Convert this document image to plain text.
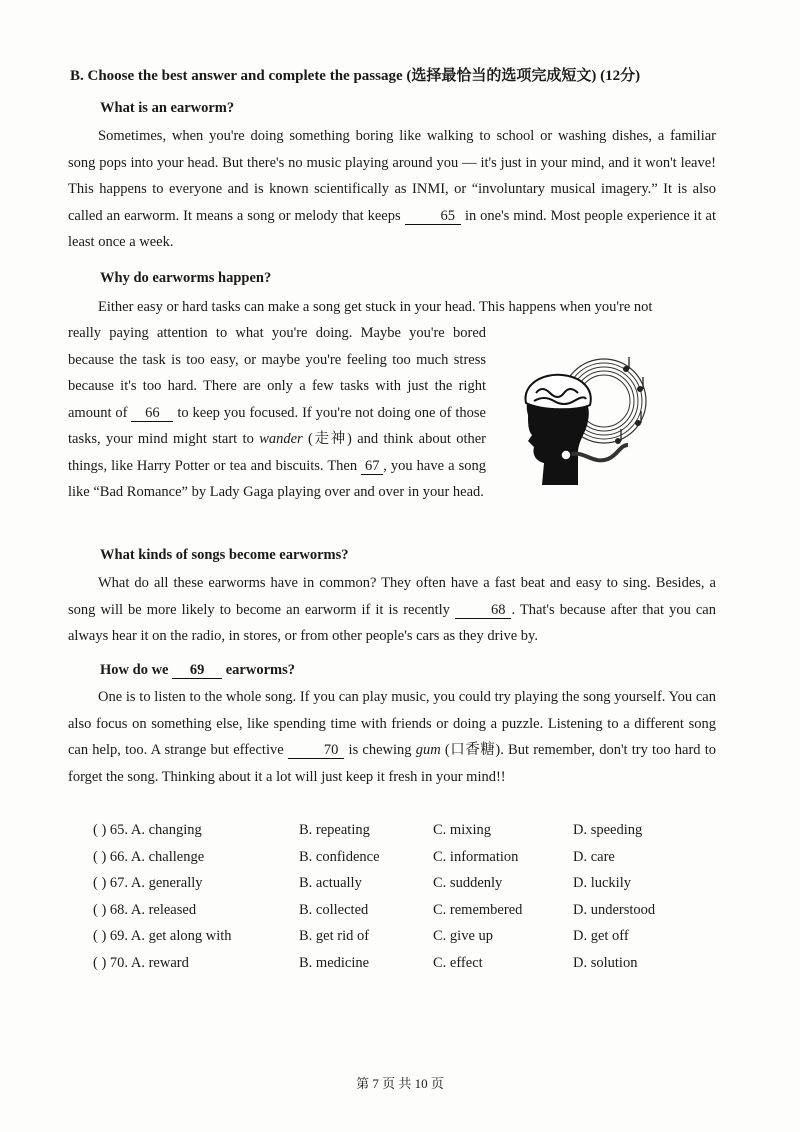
B. Choose the best answer and complete the passage (选择最恰当的选项完成短文) (12分)
What is an earworm?

Sometimes, when you're doing something boring like walking to school or washing dishes, a familiar song pops into your head. But there's no music playing around you — it's just in your mind, and it won't leave! This happens to everyone and is known scientifically as INMI, or “involuntary musical imagery.” It is also called an earworm. It means a song or melody that keeps 65 in one's mind. Most people experience it at least once a week.

Why do earworms happen?
Either easy or hard tasks can make a song get stuck in your head. This happens when you're not

really paying attention to what you're doing. Maybe you're bored because the task is too easy, or maybe you're feeling too much stress because it's too hard. There are only a few tasks with just the right amount of 66 to keep you focused. If you're not doing one of those tasks, your mind might start to wander (走神) and think about other things, like Harry Potter or tea and biscuits. Then 67 , you have a song like “Bad Romance” by Lady Gaga playing over and over in your head.

What kinds of songs become earworms?

What do all these earworms have in common? They often have a fast beat and easy to sing. Besides, a song will be more likely to become an earworm if it is recently 68 . That's because after that you can always hear it on the radio, in stores, or from other people's cars as they drive by.

How do we 69 earworms?

One is to listen to the whole song. If you can play music, you could try playing the song yourself. You can also focus on something else, like spending time with friends or doing a puzzle. Listening to a different song can help, too. A strange but effective 70 is chewing gum (口香糖). But remember, don't try too hard to forget the song. Thinking about it a lot will just keep it fresh in your mind!!

( ) 65. A. changing	B. repeating	C. mixing	D. speeding
( ) 66. A. challenge	B. confidence	C. information	D. care
( ) 67. A. generally	B. actually	C. suddenly	D. luckily
( ) 68. A. released	B. collected	C. remembered	D. understood
( ) 69. A. get along with	B. get rid of	C. give up	D. get off
( ) 70. A. reward	B. medicine	C. effect	D. solution
第 7 页 共 10 页
